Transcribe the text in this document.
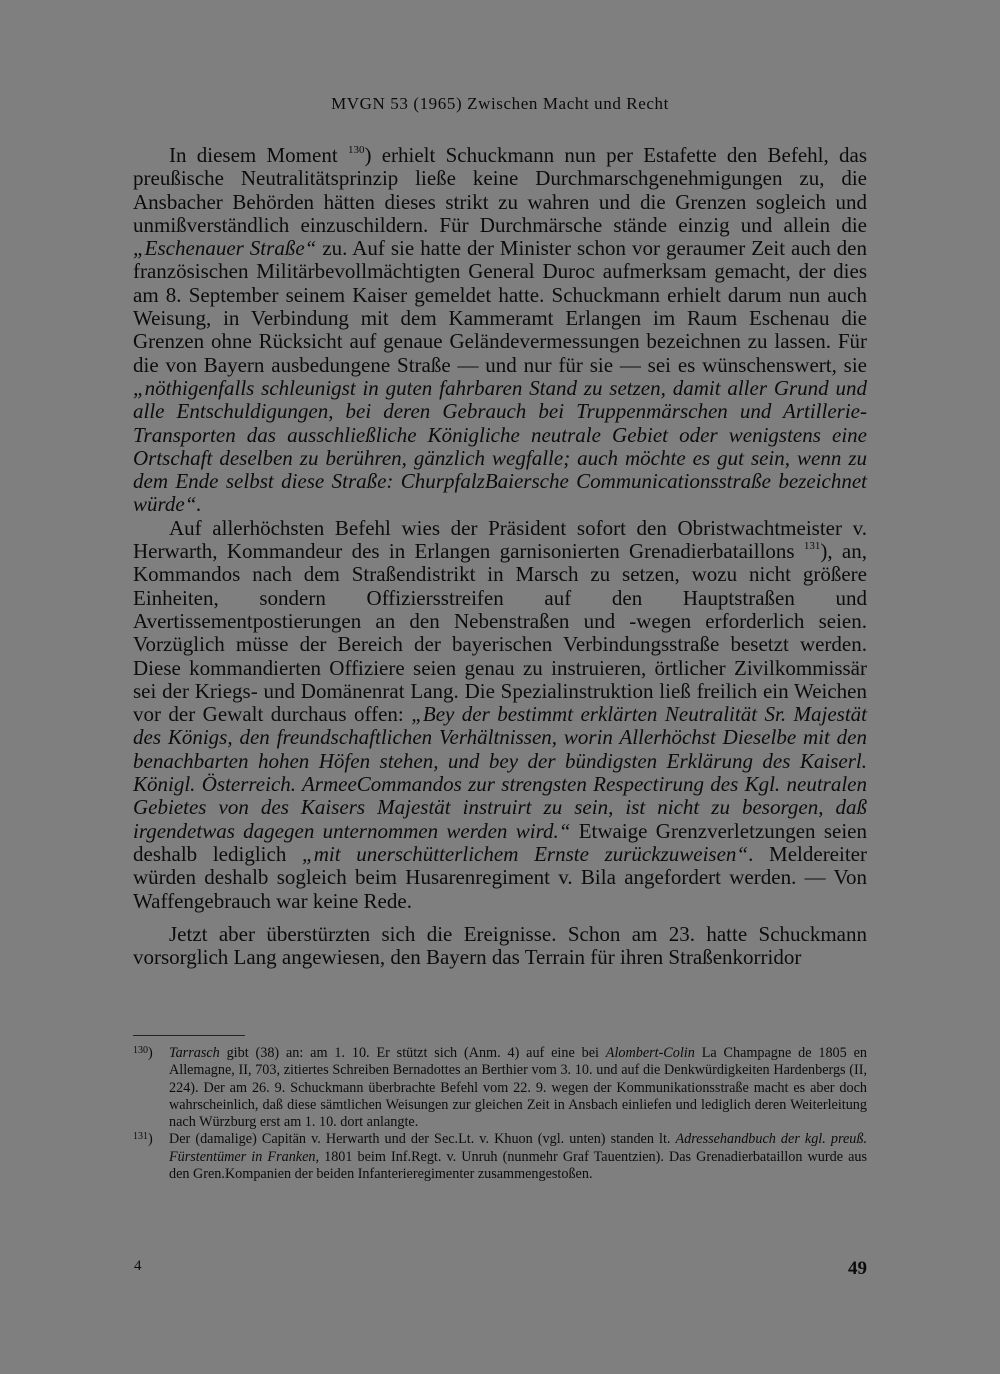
MVGN 53 (1965) Zwischen Macht und Recht

In diesem Moment $^{130}$) erhielt Schuckmann nun per Estafette den Befehl, das preußische Neutralitätsprinzip ließe keine Durchmarschgenehmigungen zu, die Ansbacher Behörden hätten dieses strikt zu wahren und die Grenzen sogleich und unmißverständlich einzuschildern. Für Durchmärsche stände einzig und allein die „Eschenauer Straße“ zu. Auf sie hatte der Minister schon vor geraumer Zeit auch den französischen Militärbevollmächtigten General Duroc aufmerksam gemacht, der dies am 8. September seinem Kaiser gemeldet hatte. Schuckmann erhielt darum nun auch Weisung, in Verbindung mit dem Kammeramt Erlangen im Raum Eschenau die Grenzen ohne Rücksicht auf genaue Geländevermessungen bezeichnen zu lassen. Für die von Bayern ausbedungene Straße — und nur für sie — sei es wünschenswert, sie „nöthigenfalls schleunigst in guten fahrbaren Stand zu setzen, damit aller Grund und alle Entschuldigungen, bei deren Gebrauch bei Truppenmärschen und Artillerie-Transporten das ausschließliche Königliche neutrale Gebiet oder wenigstens eine Ortschaft deselben zu berühren, gänzlich wegfalle; auch möchte es gut sein, wenn zu dem Ende selbst diese Straße: ChurpfalzBaiersche Communicationsstraße bezeichnet würde“.

Auf allerhöchsten Befehl wies der Präsident sofort den Obristwachtmeister v. Herwarth, Kommandeur des in Erlangen garnisonierten Grenadierbataillons $^{131}$), an, Kommandos nach dem Straßendistrikt in Marsch zu setzen, wozu nicht größere Einheiten, sondern Offiziersstreifen auf den Hauptstraßen und Avertissementpostierungen an den Nebenstraßen und -wegen erforderlich seien. Vorzüglich müsse der Bereich der bayerischen Verbindungsstraße besetzt werden. Diese kommandierten Offiziere seien genau zu instruieren, örtlicher Zivilkommissär sei der Kriegs- und Domänenrat Lang. Die Spezialinstruktion ließ freilich ein Weichen vor der Gewalt durchaus offen: „Bey der bestimmt erklärten Neutralität Sr. Majestät des Königs, den freundschaftlichen Verhältnissen, worin Allerhöchst Dieselbe mit den benachbarten hohen Höfen stehen, und bey der bündigsten Erklärung des Kaiserl. Königl. Österreich. ArmeeCommandos zur strengsten Respectirung des Kgl. neutralen Gebietes von des Kaisers Majestät instruirt zu sein, ist nicht zu besorgen, daß irgendetwas dagegen unternommen werden wird.“ Etwaige Grenzverletzungen seien deshalb lediglich „mit unerschütterlichem Ernste zurückzuweisen“. Meldereiter würden deshalb sogleich beim Husarenregiment v. Bila angefordert werden. — Von Waffengebrauch war keine Rede.

Jetzt aber überstürzten sich die Ereignisse. Schon am 23. hatte Schuckmann vorsorglich Lang angewiesen, den Bayern das Terrain für ihren Straßenkorridor

$^{130}$) Tarrasch gibt (38) an: am 1. 10. Er stützt sich (Anm. 4) auf eine bei Alombert-Colin La Champagne de 1805 en Allemagne, II, 703, zitiertes Schreiben Bernadottes an Berthier vom 3. 10. und auf die Denkwürdigkeiten Hardenbergs (II, 224). Der am 26. 9. Schuckmann überbrachte Befehl vom 22. 9. wegen der Kommunikationsstraße macht es aber doch wahrscheinlich, daß diese sämtlichen Weisungen zur gleichen Zeit in Ansbach einliefen und lediglich deren Weiterleitung nach Würzburg erst am 1. 10. dort anlangte.
$^{131}$) Der (damalige) Capitän v. Herwarth und der Sec.Lt. v. Khuon (vgl. unten) standen lt. Adressehandbuch der kgl. preuß. Fürstentümer in Franken, 1801 beim Inf.Regt. v. Unruh (nunmehr Graf Tauentzien). Das Grenadierbataillon wurde aus den Gren.Kompanien der beiden Infanterieregimenter zusammengestoßen.
4	49
